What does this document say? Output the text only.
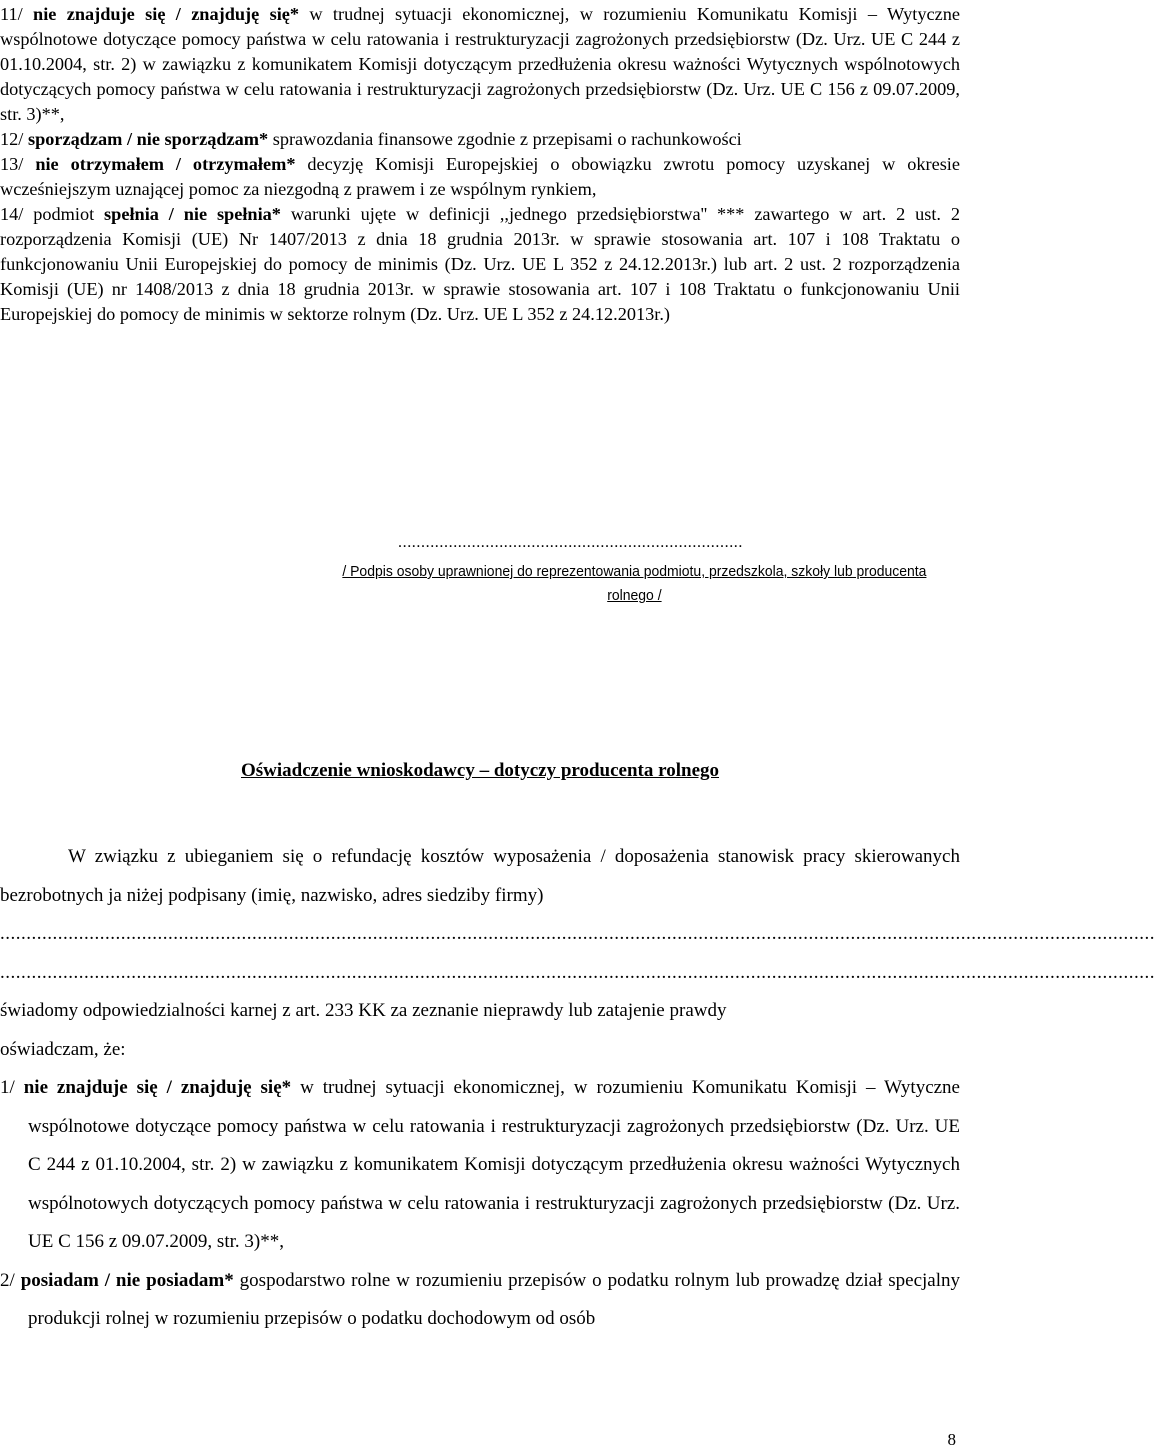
11/ nie znajduje się / znajduję się* w trudnej sytuacji ekonomicznej, w rozumieniu Komunikatu Komisji – Wytyczne wspólnotowe dotyczące pomocy państwa w celu ratowania i restrukturyzacji zagrożonych przedsiębiorstw (Dz. Urz. UE C 244 z 01.10.2004, str. 2) w zawiązku z komunikatem Komisji dotyczącym przedłużenia okresu ważności Wytycznych wspólnotowych dotyczących pomocy państwa w celu ratowania i restrukturyzacji zagrożonych przedsiębiorstw (Dz. Urz. UE C 156 z 09.07.2009, str. 3)**,
12/ sporządzam / nie sporządzam* sprawozdania finansowe zgodnie z przepisami o rachunkowości
13/ nie otrzymałem / otrzymałem* decyzję Komisji Europejskiej o obowiązku zwrotu pomocy uzyskanej w okresie wcześniejszym uznającej pomoc za niezgodną z prawem i ze wspólnym rynkiem,
14/ podmiot spełnia / nie spełnia* warunki ujęte w definicji ,,jednego przedsiębiorstwa'' *** zawartego w art. 2 ust. 2 rozporządzenia Komisji (UE) Nr 1407/2013 z dnia 18 grudnia 2013r. w sprawie stosowania art. 107 i 108 Traktatu o funkcjonowaniu Unii Europejskiej do pomocy de minimis (Dz. Urz. UE L 352 z 24.12.2013r.) lub art. 2 ust. 2 rozporządzenia Komisji (UE) nr 1408/2013 z dnia 18 grudnia 2013r. w sprawie stosowania art. 107 i 108 Traktatu o funkcjonowaniu Unii Europejskiej do pomocy de minimis w sektorze rolnym (Dz. Urz. UE L 352 z 24.12.2013r.)
...........................................................................
/ Podpis osoby uprawnionej do reprezentowania podmiotu, przedszkola, szkoły lub producenta rolnego /
Oświadczenie wnioskodawcy – dotyczy producenta rolnego
W związku z ubieganiem się o refundację kosztów wyposażenia / doposażenia stanowisk pracy skierowanych bezrobotnych ja niżej podpisany (imię, nazwisko, adres siedziby firmy)
............................................................................................................................................................................................................................
............................................................................................................................................................................................................................
świadomy odpowiedzialności karnej z art. 233 KK za zeznanie nieprawdy lub zatajenie prawdy
oświadczam, że:
1/ nie znajduje się / znajduję się* w trudnej sytuacji ekonomicznej, w rozumieniu Komunikatu Komisji – Wytyczne wspólnotowe dotyczące pomocy państwa w celu ratowania i restrukturyzacji zagrożonych przedsiębiorstw (Dz. Urz. UE C 244 z 01.10.2004, str. 2) w zawiązku z komunikatem Komisji dotyczącym przedłużenia okresu ważności Wytycznych wspólnotowych dotyczących pomocy państwa w celu ratowania i restrukturyzacji zagrożonych przedsiębiorstw (Dz. Urz. UE C 156 z 09.07.2009, str. 3)**,
2/ posiadam / nie posiadam* gospodarstwo rolne w rozumieniu przepisów o podatku rolnym lub prowadzę dział specjalny produkcji rolnej w rozumieniu przepisów o podatku dochodowym od osób
8
